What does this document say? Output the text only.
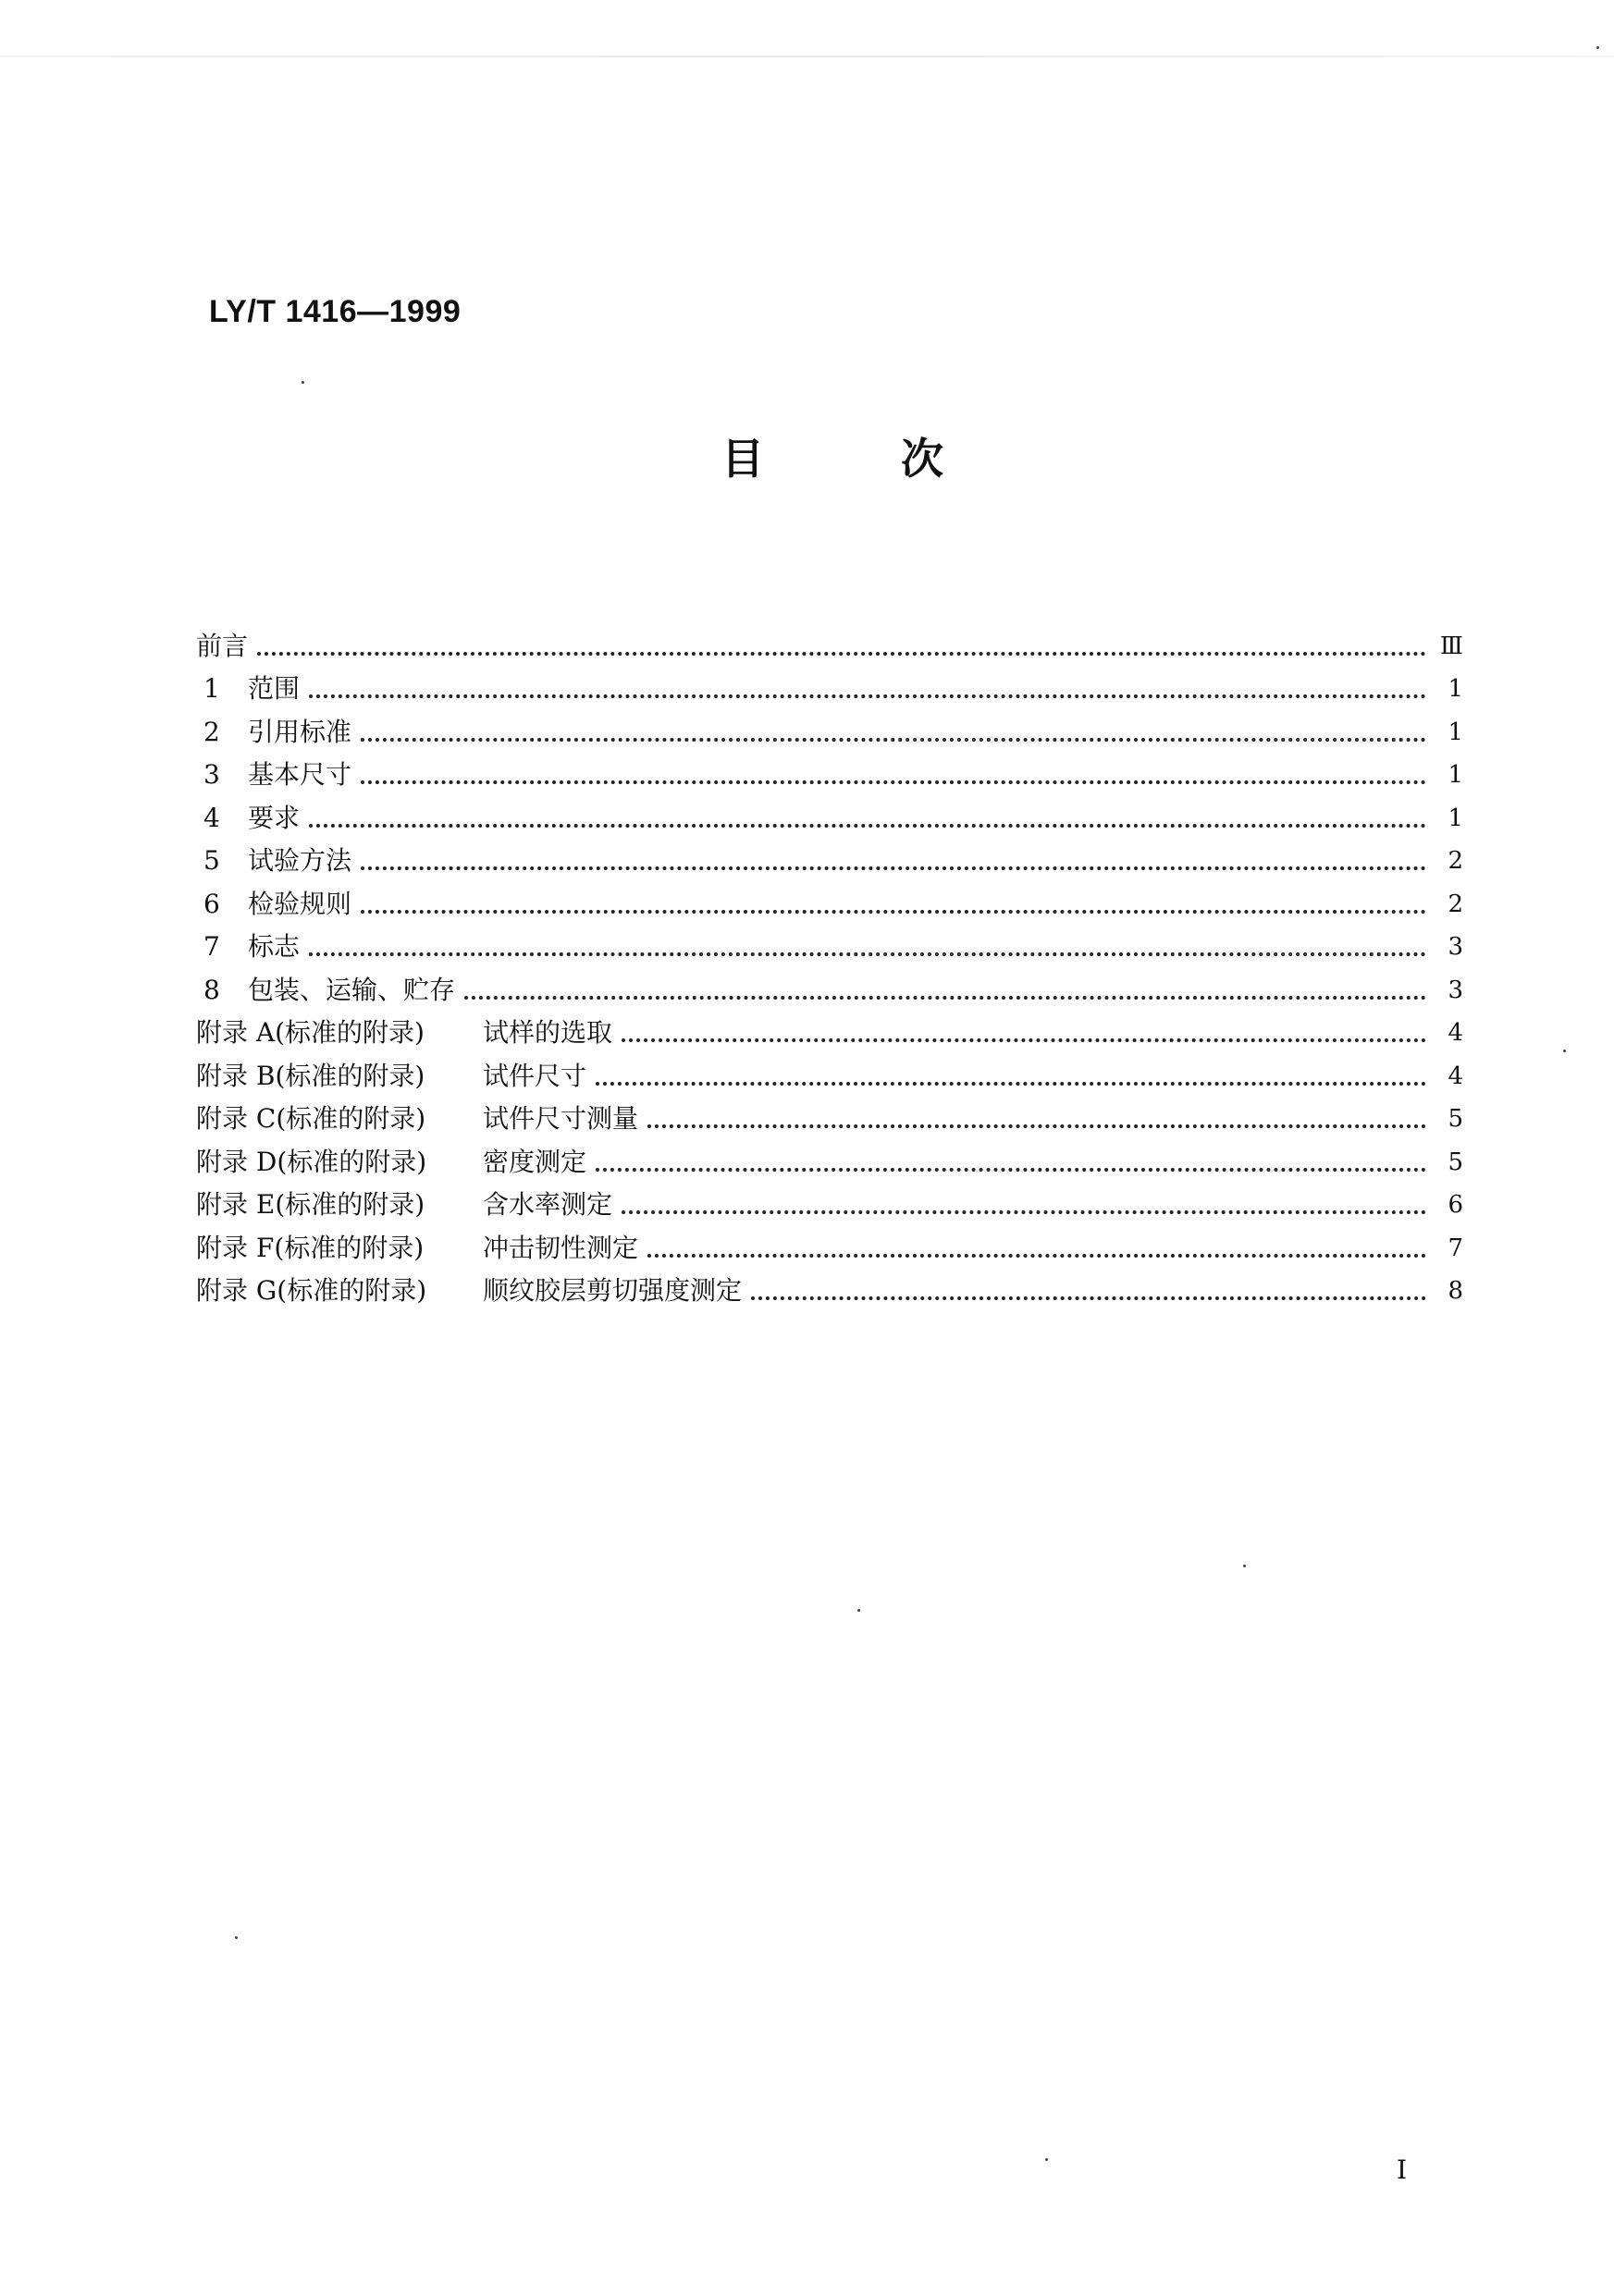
LY/T 1416—1999
目	次
前言	Ⅲ
1	范围	1
2	引用标准	1
3	基本尺寸	1
4	要求	1
5	试验方法	2
6	检验规则	2
7	标志	3
8	包装、运输、贮存	3
附录 A(标准的附录)	试样的选取	4
附录 B(标准的附录)	试件尺寸	4
附录 C(标准的附录)	试件尺寸测量	5
附录 D(标准的附录)	密度测定	5
附录 E(标准的附录)	含水率测定	6
附录 F(标准的附录)	冲击韧性测定	7
附录 G(标准的附录)	顺纹胶层剪切强度测定	8
I
